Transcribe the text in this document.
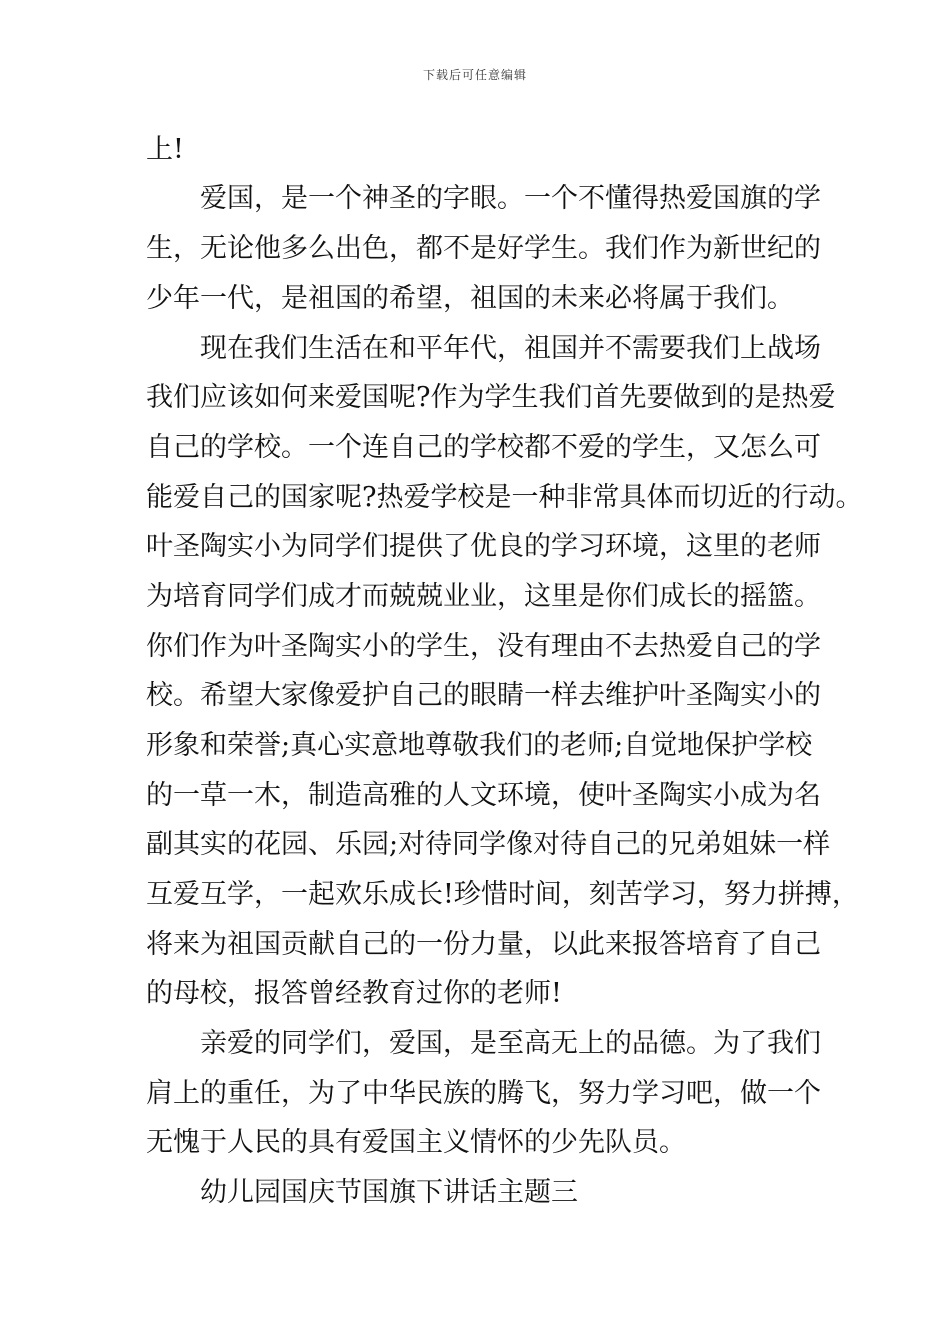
下载后可任意编辑
上!
　　爱国，是一个神圣的字眼。一个不懂得热爱国旗的学
生，无论他多么出色，都不是好学生。我们作为新世纪的
少年一代，是祖国的希望，祖国的未来必将属于我们。
　　现在我们生活在和平年代，祖国并不需要我们上战场
我们应该如何来爱国呢?作为学生我们首先要做到的是热爱
自己的学校。一个连自己的学校都不爱的学生，又怎么可
能爱自己的国家呢?热爱学校是一种非常具体而切近的行动。
叶圣陶实小为同学们提供了优良的学习环境，这里的老师
为培育同学们成才而兢兢业业，这里是你们成长的摇篮。
你们作为叶圣陶实小的学生，没有理由不去热爱自己的学
校。希望大家像爱护自己的眼睛一样去维护叶圣陶实小的
形象和荣誉;真心实意地尊敬我们的老师;自觉地保护学校
的一草一木，制造高雅的人文环境，使叶圣陶实小成为名
副其实的花园、乐园;对待同学像对待自己的兄弟姐妹一样
互爱互学，一起欢乐成长!珍惜时间，刻苦学习，努力拼搏，
将来为祖国贡献自己的一份力量，以此来报答培育了自己
的母校，报答曾经教育过你的老师!
　　亲爱的同学们，爱国，是至高无上的品德。为了我们
肩上的重任，为了中华民族的腾飞，努力学习吧，做一个
无愧于人民的具有爱国主义情怀的少先队员。
　　幼儿园国庆节国旗下讲话主题三
